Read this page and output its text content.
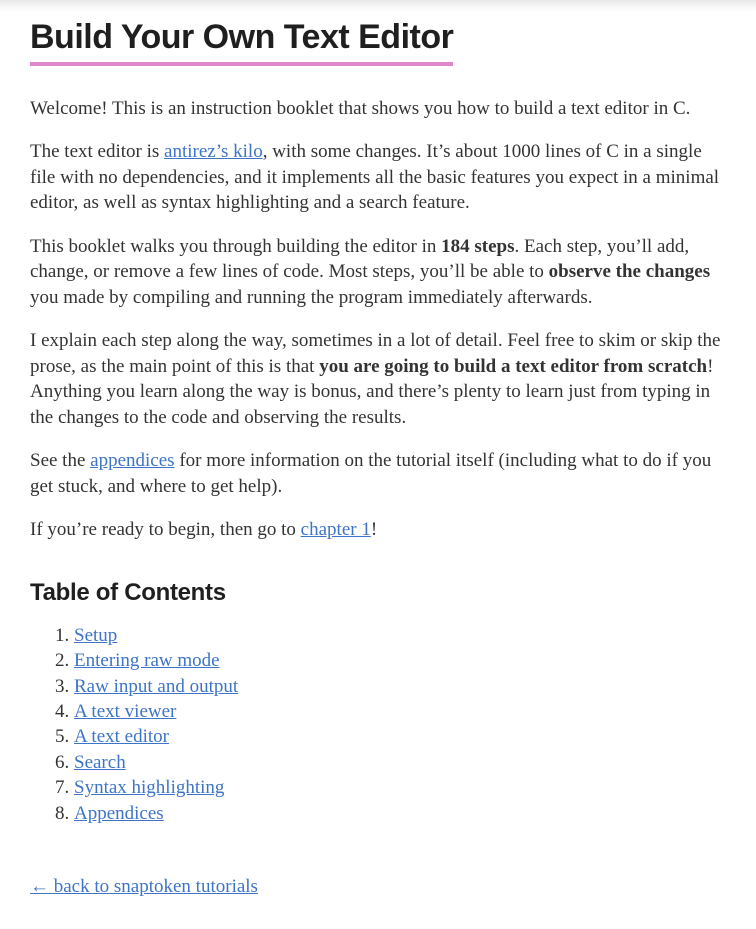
Build Your Own Text Editor

Welcome! This is an instruction booklet that shows you how to build a text editor in C.

The text editor is antirez’s kilo, with some changes. It’s about 1000 lines of C in a single file with no dependencies, and it implements all the basic features you expect in a minimal editor, as well as syntax highlighting and a search feature.

This booklet walks you through building the editor in 184 steps. Each step, you’ll add, change, or remove a few lines of code. Most steps, you’ll be able to observe the changes you made by compiling and running the program immediately afterwards.

I explain each step along the way, sometimes in a lot of detail. Feel free to skim or skip the prose, as the main point of this is that you are going to build a text editor from scratch! Anything you learn along the way is bonus, and there’s plenty to learn just from typing in the changes to the code and observing the results.

See the appendices for more information on the tutorial itself (including what to do if you get stuck, and where to get help).

If you’re ready to begin, then go to chapter 1!

Table of Contents
1. Setup
2. Entering raw mode
3. Raw input and output
4. A text viewer
5. A text editor
6. Search
7. Syntax highlighting
8. Appendices
← back to snaptoken tutorials
